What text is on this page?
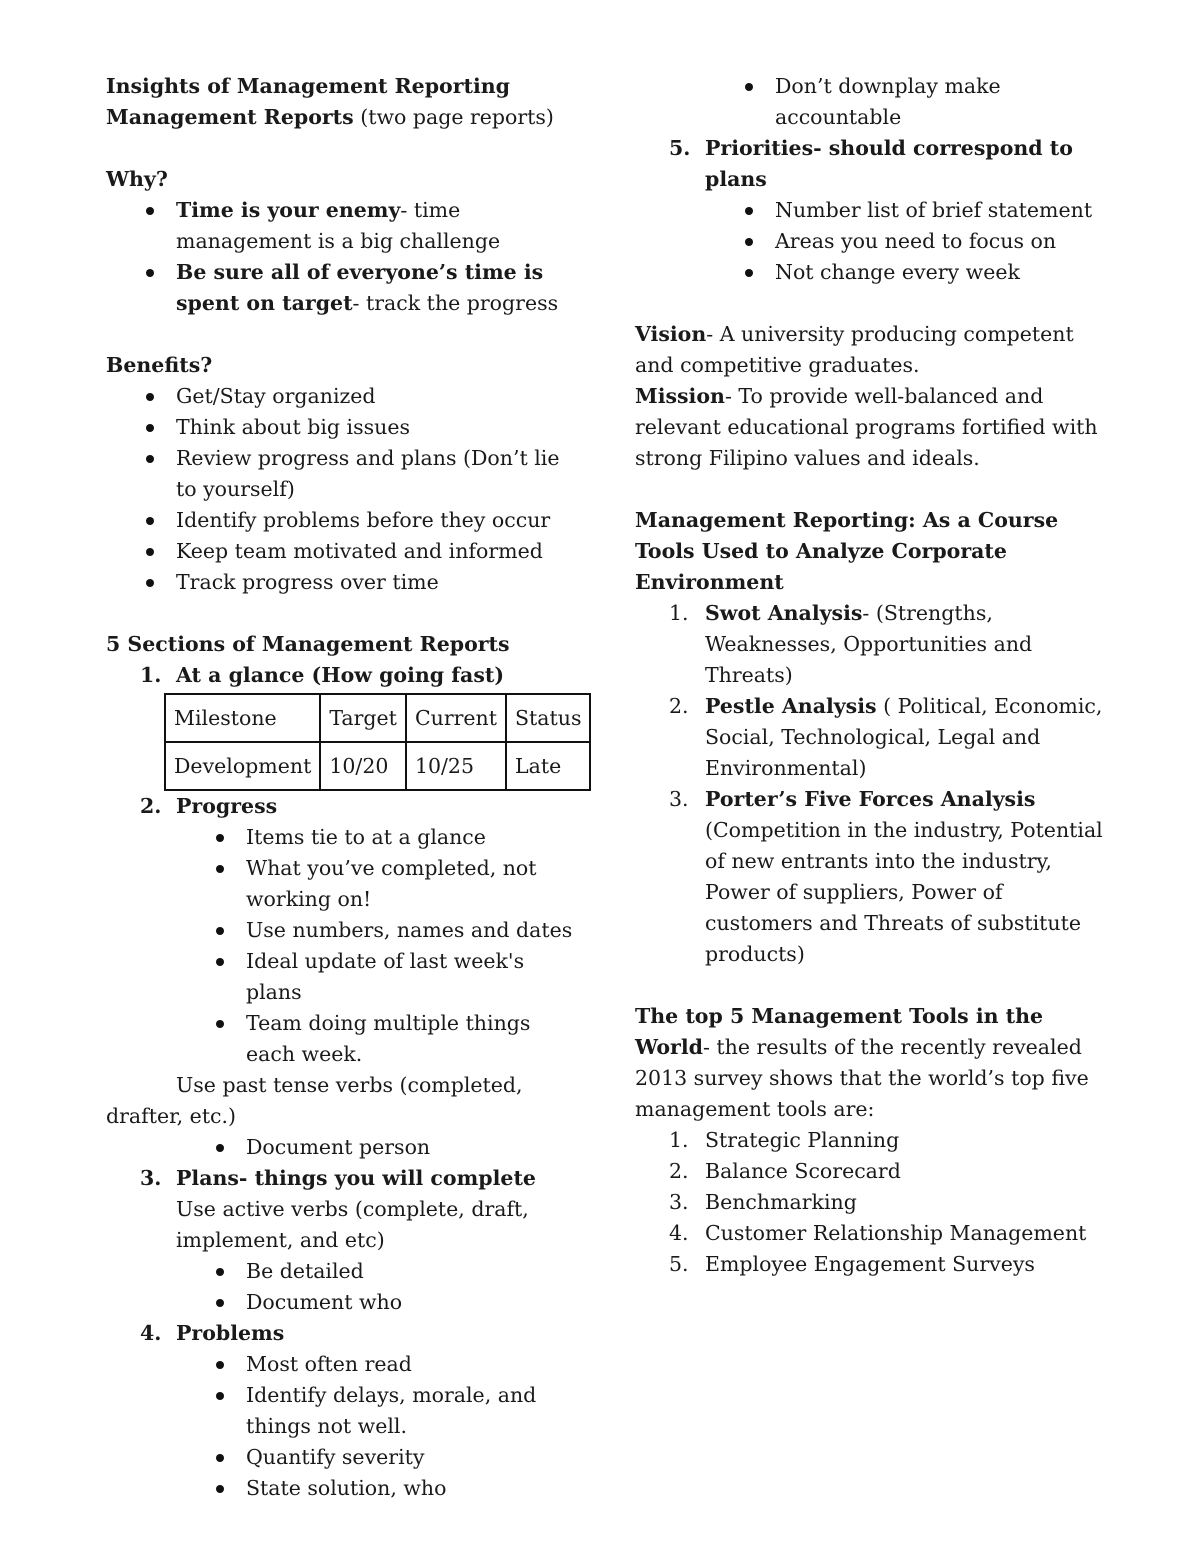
Insights of Management Reporting

Management Reports (two page reports)

Why?

Time is your enemy- time management is a big challenge
Be sure all of everyone’s time is spent on target- track the progress

Benefits?

Get/Stay organized
Think about big issues
Review progress and plans (Don’t lie to yourself)
Identify problems before they occur
Keep team motivated and informed
Track progress over time

5 Sections of Management Reports

1. At a glance (How going fast)
Milestone	Target	Current	Status
Development	10/20	10/25	Late
2. Progress
Items tie to at a glance
What you’ve completed, not working on!
Use numbers, names and dates
Ideal update of last week's plans
Team doing multiple things each week.

Use past tense verbs (completed, drafter, etc.)

Document person
3. Plans- things you will complete

Use active verbs (complete, draft, implement, and etc)

Be detailed
Document who
4. Problems
Most often read
Identify delays, morale, and things not well.
Quantify severity
State solution, who
Don’t downplay make accountable
5. Priorities- should correspond to plans
Number list of brief statement
Areas you need to focus on
Not change every week

Vision- A university producing competent and competitive graduates.

Mission- To provide well-balanced and relevant educational programs fortified with strong Filipino values and ideals.

Management Reporting: As a Course

Tools Used to Analyze Corporate Environment

1. Swot Analysis- (Strengths, Weaknesses, Opportunities and Threats)
2. Pestle Analysis ( Political, Economic, Social, Technological, Legal and Environmental)
3. Porter’s Five Forces Analysis (Competition in the industry, Potential of new entrants into the industry, Power of suppliers, Power of customers and Threats of substitute products)

The top 5 Management Tools in the World- the results of the recently revealed 2013 survey shows that the world’s top five management tools are:

1. Strategic Planning
2. Balance Scorecard
3. Benchmarking
4. Customer Relationship Management
5. Employee Engagement Surveys
